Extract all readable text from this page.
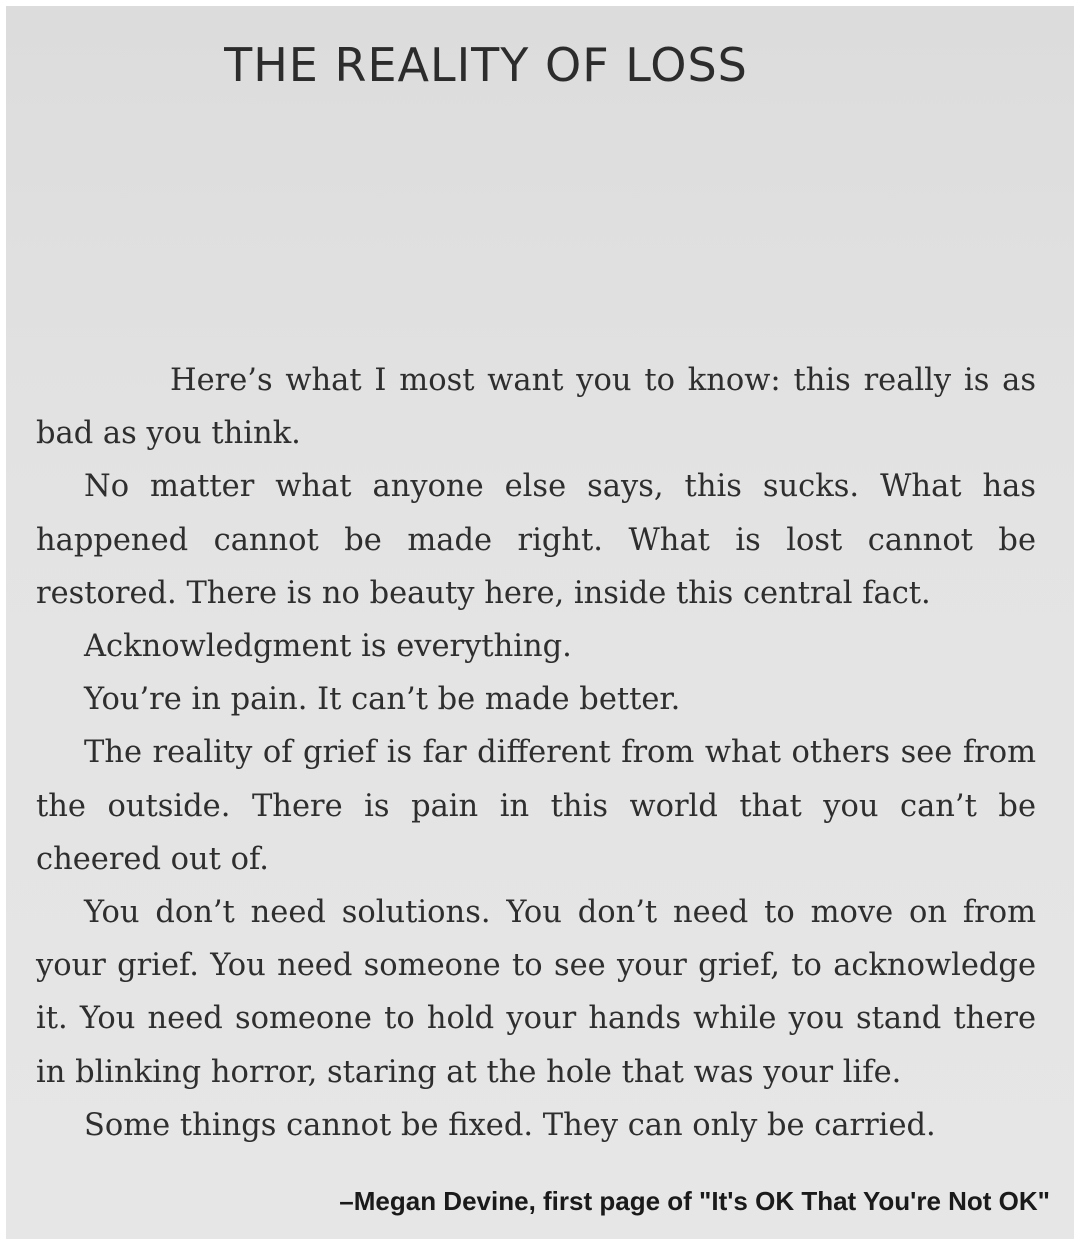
THE REALITY OF LOSS

Here’s what I most want you to know: this really is as bad as you think.

No matter what anyone else says, this sucks. What has happened cannot be made right. What is lost cannot be restored. There is no beauty here, inside this central fact.

Acknowledgment is everything.

You’re in pain. It can’t be made better.

The reality of grief is far different from what others see from the outside. There is pain in this world that you can’t be cheered out of.

You don’t need solutions. You don’t need to move on from your grief. You need someone to see your grief, to acknowledge it. You need someone to hold your hands while you stand there in blinking horror, staring at the hole that was your life.

Some things cannot be fixed. They can only be carried.

–Megan Devine, first page of "It's OK That You're Not OK"
